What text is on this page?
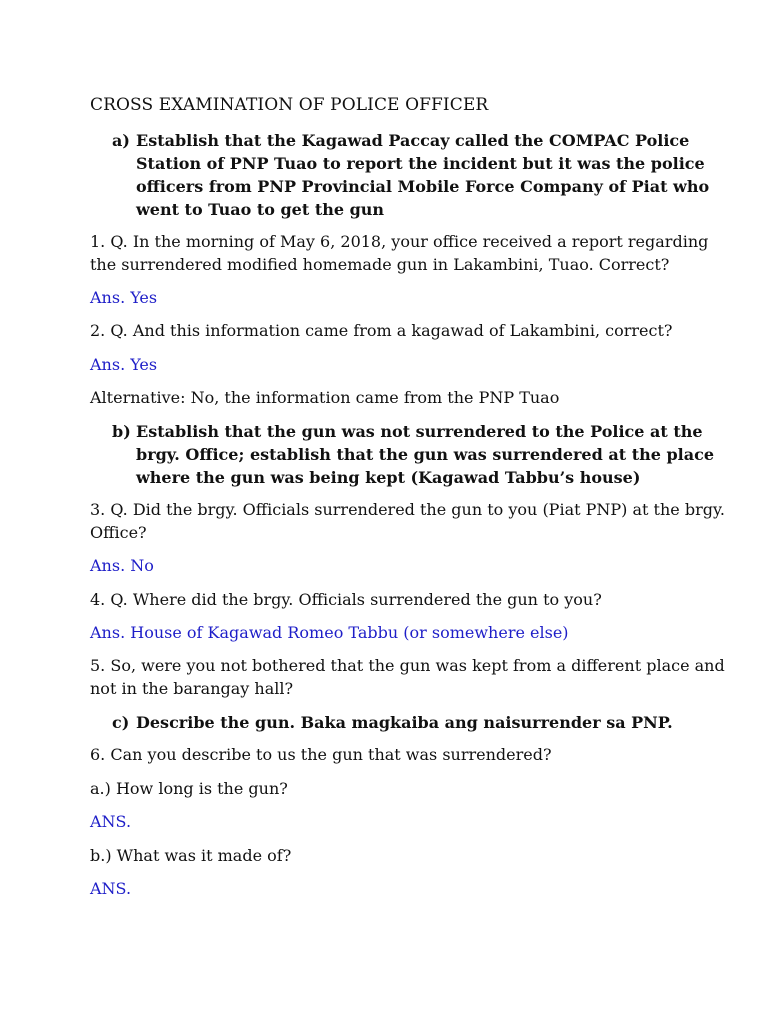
CROSS EXAMINATION OF POLICE OFFICER
a) Establish that the Kagawad Paccay called the COMPAC Police
Station of PNP Tuao to report the incident but it was the police
officers from PNP Provincial Mobile Force Company of Piat who
went to Tuao to get the gun
1. Q. In the morning of May 6, 2018, your office received a report regarding
the surrendered modified homemade gun in Lakambini, Tuao. Correct?
Ans. Yes
2. Q. And this information came from a kagawad of Lakambini, correct?
Ans. Yes
Alternative: No, the information came from the PNP Tuao
b) Establish that the gun was not surrendered to the Police at the
brgy. Office; establish that the gun was surrendered at the place
where the gun was being kept (Kagawad Tabbu’s house)
3. Q. Did the brgy. Officials surrendered the gun to you (Piat PNP) at the brgy.
Office?
Ans. No
4. Q. Where did the brgy. Officials surrendered the gun to you?
Ans. House of Kagawad Romeo Tabbu (or somewhere else)
5. So, were you not bothered that the gun was kept from a different place and
not in the barangay hall?
c) Describe the gun. Baka magkaiba ang naisurrender sa PNP.
6. Can you describe to us the gun that was surrendered?
a.) How long is the gun?
ANS.
b.) What was it made of?
ANS.
